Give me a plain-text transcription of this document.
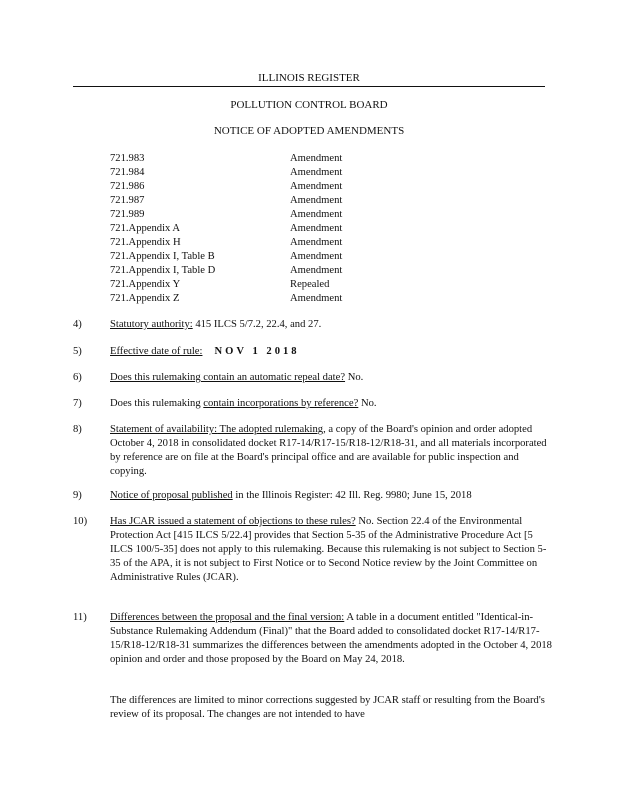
ILLINOIS REGISTER
POLLUTION CONTROL BOARD
NOTICE OF ADOPTED AMENDMENTS
721.983	Amendment
721.984	Amendment
721.986	Amendment
721.987	Amendment
721.989	Amendment
721.Appendix A	Amendment
721.Appendix H	Amendment
721.Appendix I, Table B	Amendment
721.Appendix I, Table D	Amendment
721.Appendix Y	Repealed
721.Appendix Z	Amendment
4)	Statutory authority: 415 ILCS 5/7.2, 22.4, and 27.
5)	Effective date of rule: NOV 1 2018
6)	Does this rulemaking contain an automatic repeal date? No.
7)	Does this rulemaking contain incorporations by reference? No.
8)	Statement of availability: The adopted rulemaking, a copy of the Board's opinion and order adopted October 4, 2018 in consolidated docket R17-14/R17-15/R18-12/R18-31, and all materials incorporated by reference are on file at the Board's principal office and are available for public inspection and copying.
9)	Notice of proposal published in the Illinois Register: 42 Ill. Reg. 9980; June 15, 2018
10) Has JCAR issued a statement of objections to these rules? No. Section 22.4 of the Environmental Protection Act [415 ILCS 5/22.4] provides that Section 5-35 of the Administrative Procedure Act [5 ILCS 100/5-35] does not apply to this rulemaking. Because this rulemaking is not subject to Section 5-35 of the APA, it is not subject to First Notice or to Second Notice review by the Joint Committee on Administrative Rules (JCAR).
11) Differences between the proposal and the final version: A table in a document entitled "Identical-in-Substance Rulemaking Addendum (Final)" that the Board added to consolidated docket R17-14/R17-15/R18-12/R18-31 summarizes the differences between the amendments adopted in the October 4, 2018 opinion and order and those proposed by the Board on May 24, 2018.
The differences are limited to minor corrections suggested by JCAR staff or resulting from the Board's review of its proposal. The changes are not intended to have
